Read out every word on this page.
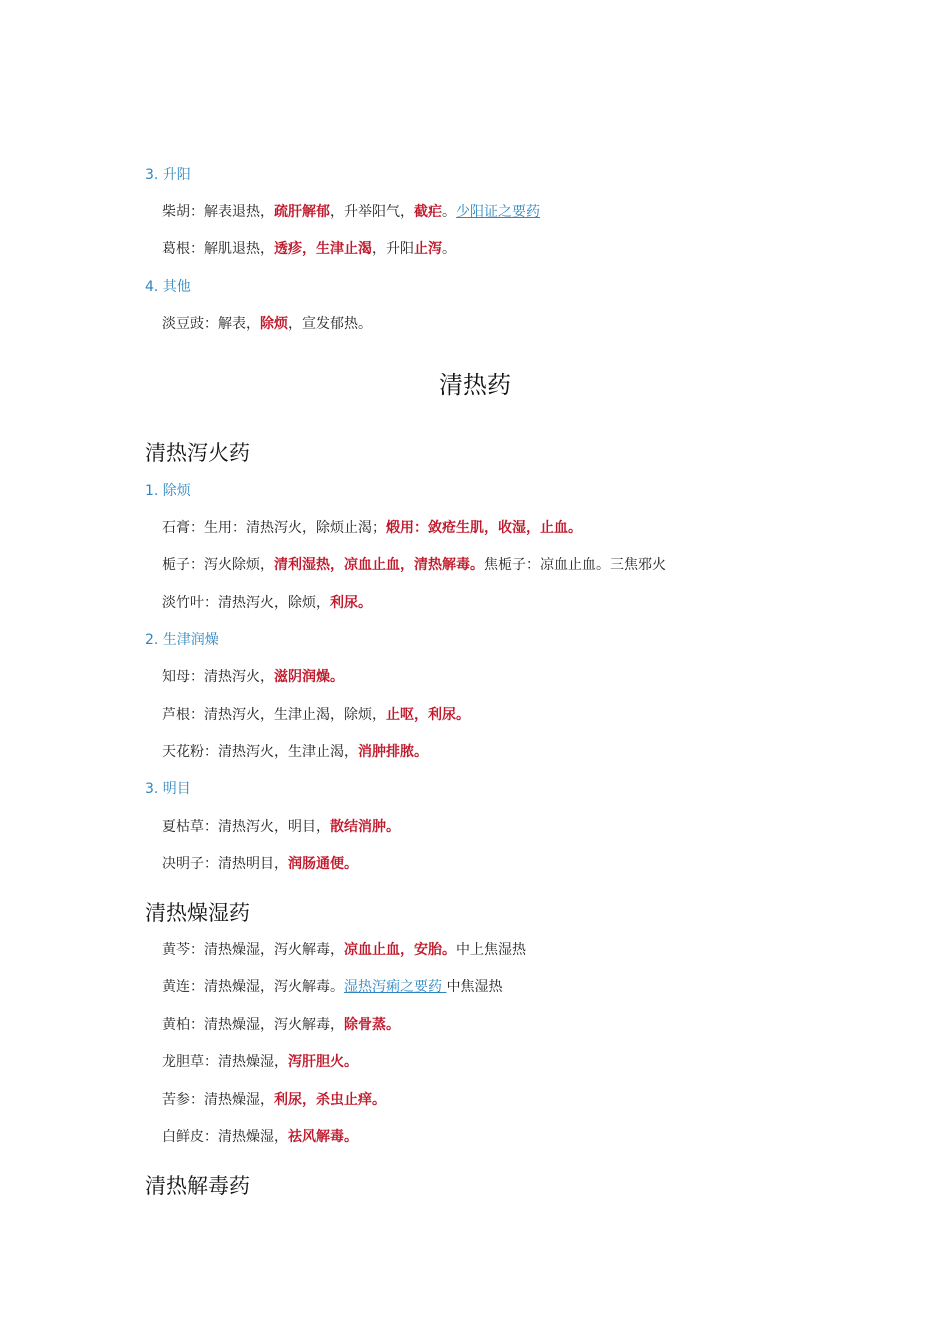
3. 升阳
柴胡：解表退热，疏肝解郁，升举阳气，截疟。少阳证之要药
葛根：解肌退热，透疹，生津止渴，升阳止泻。
4. 其他
淡豆豉：解表，除烦，宣发郁热。
清热药
清热泻火药
1. 除烦
石膏：生用：清热泻火，除烦止渴；煅用：敛疮生肌，收湿，止血。
栀子：泻火除烦，清利湿热，凉血止血，清热解毒。焦栀子：凉血止血。三焦邪火
淡竹叶：清热泻火，除烦，利尿。
2. 生津润燥
知母：清热泻火，滋阴润燥。
芦根：清热泻火，生津止渴，除烦，止呕，利尿。
天花粉：清热泻火，生津止渴，消肿排脓。
3. 明目
夏枯草：清热泻火，明目，散结消肿。
决明子：清热明目，润肠通便。
清热燥湿药
黄芩：清热燥湿，泻火解毒，凉血止血，安胎。中上焦湿热
黄连：清热燥湿，泻火解毒。湿热泻痢之要药 中焦湿热
黄柏：清热燥湿，泻火解毒，除骨蒸。
龙胆草：清热燥湿，泻肝胆火。
苦参：清热燥湿，利尿，杀虫止痒。
白鲜皮：清热燥湿，祛风解毒。
清热解毒药
